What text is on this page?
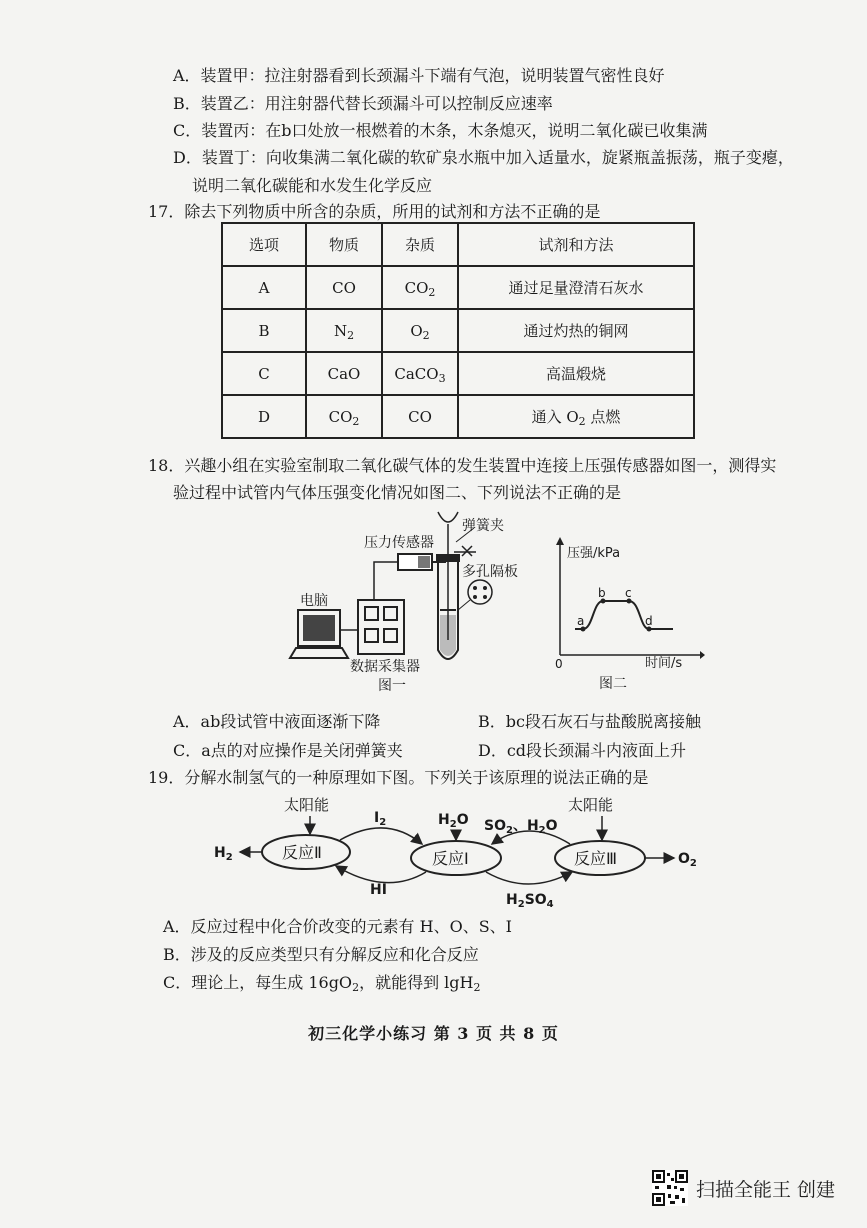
A．装置甲：拉注射器看到长颈漏斗下端有气泡，说明装置气密性良好
B．装置乙：用注射器代替长颈漏斗可以控制反应速率
C．装置丙：在b口处放一根燃着的木条，木条熄灭，说明二氧化碳已收集满
D．装置丁：向收集满二氧化碳的软矿泉水瓶中加入适量水，旋紧瓶盖振荡，瓶子变瘪，
说明二氧化碳能和水发生化学反应
17．除去下列物质中所含的杂质，所用的试剂和方法不正确的是
选项	物质	杂质	试剂和方法
A	CO	$CO_2$	通过足量澄清石灰水
B	$N_2$	$O_2$	通过灼热的铜网
C	CaO	CaCO$_3$	高温煅烧
D	$CO_2$	CO	通入 $O_2$ 点燃
18．兴趣小组在实验室制取二氧化碳气体的发生装置中连接上压强传感器如图一，测得实
验过程中试管内气体压强变化情况如图二、下列说法不正确的是
压力传感器
弹簧夹
多孔隔板
电脑
数据采集器
图一
a
b c
d
压强/kPa
时间/s
0
图二
A．ab段试管中液面逐渐下降	B．bc段石灰石与盐酸脱离接触
C．a点的对应操作是关闭弹簧夹	D．cd段长颈漏斗内液面上升
19．分解水制氢气的一种原理如下图。下列关于该原理的说法正确的是
反应Ⅱ	反应Ⅰ	反应Ⅲ
太阳能	太阳能
$H_2O$
$I_2$
HI
$SO_2$、$H_2O$
$H_2SO_4$
$H_2$	$O_2$
A．反应过程中化合价改变的元素有 H、O、S、I
B．涉及的反应类型只有分解反应和化合反应
C．理论上，每生成 $16gO_2$，就能得到 lgH$_2$
初三化学小练习 第 3 页 共 8 页
扫描全能王 创建
